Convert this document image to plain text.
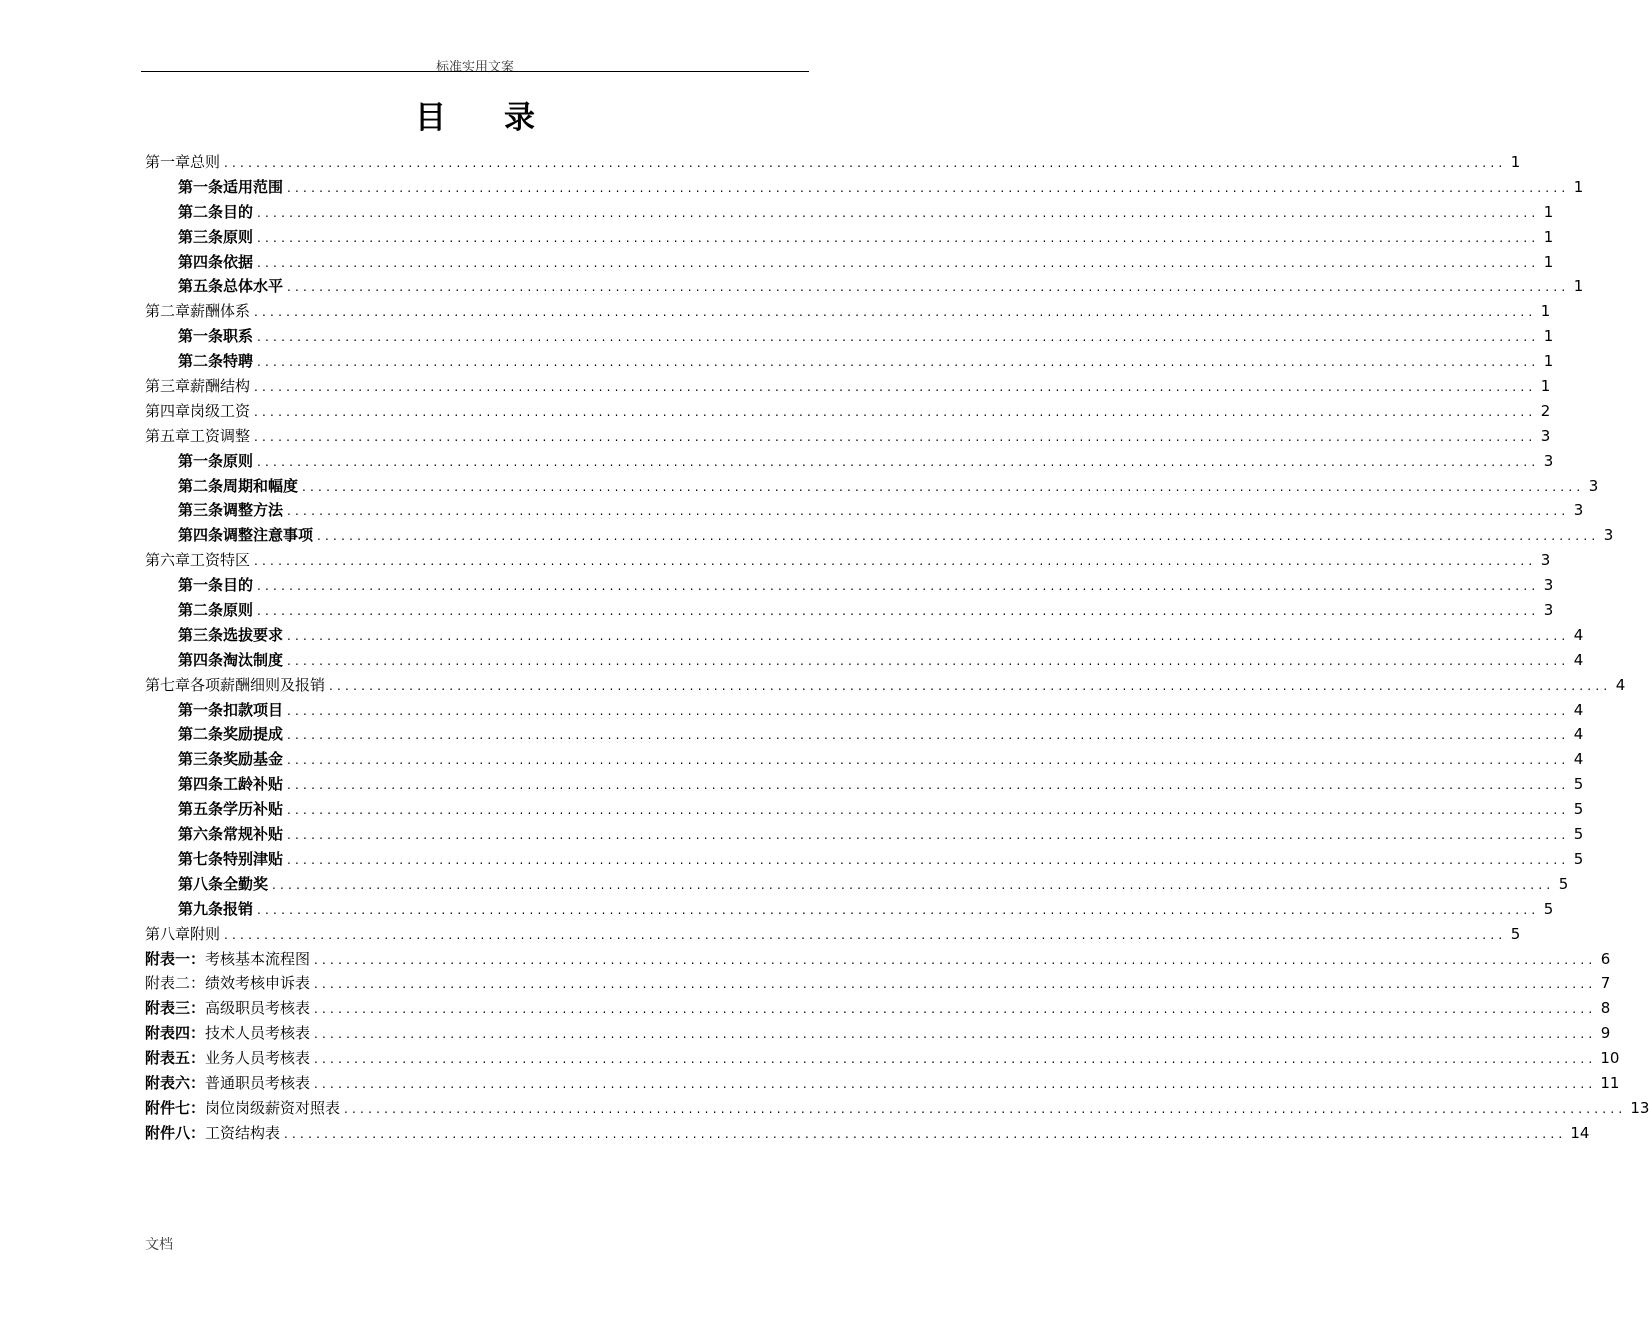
标准实用文案
目 录
第一章 总则 ................................................................................................................................................................ 1
第一条 适用范围 ................................................................................................................................................................ 1
第二条 目的 ................................................................................................................................................................ 1
第三条 原则 ................................................................................................................................................................ 1
第四条 依据 ................................................................................................................................................................ 1
第五条 总体水平 ................................................................................................................................................................ 1
第二章 薪酬体系 ................................................................................................................................................................ 1
第一条 职系 ................................................................................................................................................................ 1
第二条 特聘 ................................................................................................................................................................ 1
第三章 薪酬结构 ................................................................................................................................................................ 1
第四章 岗级工资 ................................................................................................................................................................ 2
第五章 工资调整 ................................................................................................................................................................ 3
第一条 原则 ................................................................................................................................................................ 3
第二条 周期和幅度 ................................................................................................................................................................ 3
第三条 调整方法 ................................................................................................................................................................ 3
第四条 调整注意事项 ................................................................................................................................................................ 3
第六章 工资特区 ................................................................................................................................................................ 3
第一条 目的 ................................................................................................................................................................ 3
第二条 原则 ................................................................................................................................................................ 3
第三条 选拔要求 ................................................................................................................................................................ 4
第四条 淘汰制度 ................................................................................................................................................................ 4
第七章 各项薪酬细则及报销 ................................................................................................................................................................ 4
第一条 扣款项目 ................................................................................................................................................................ 4
第二条 奖励提成 ................................................................................................................................................................ 4
第三条 奖励基金 ................................................................................................................................................................ 4
第四条 工龄补贴 ................................................................................................................................................................ 5
第五条 学历补贴 ................................................................................................................................................................ 5
第六条 常规补贴 ................................................................................................................................................................ 5
第七条 特别津贴 ................................................................................................................................................................ 5
第八条 全勤奖 ................................................................................................................................................................ 5
第九条 报销 ................................................................................................................................................................ 5
第八章 附则 ................................................................................................................................................................ 5
附表一： 考核基本流程图 ................................................................................................................................................................ 6
附表二： 绩效考核申诉表 ................................................................................................................................................................ 7
附表三： 高级职员考核表 ................................................................................................................................................................ 8
附表四： 技术人员考核表 ................................................................................................................................................................ 9
附表五： 业务人员考核表 ................................................................................................................................................................ 10
附表六： 普通职员考核表 ................................................................................................................................................................ 11
附件七： 岗位岗级薪资对照表 ................................................................................................................................................................ 13
附件八： 工资结构表 ................................................................................................................................................................ 14
文档
